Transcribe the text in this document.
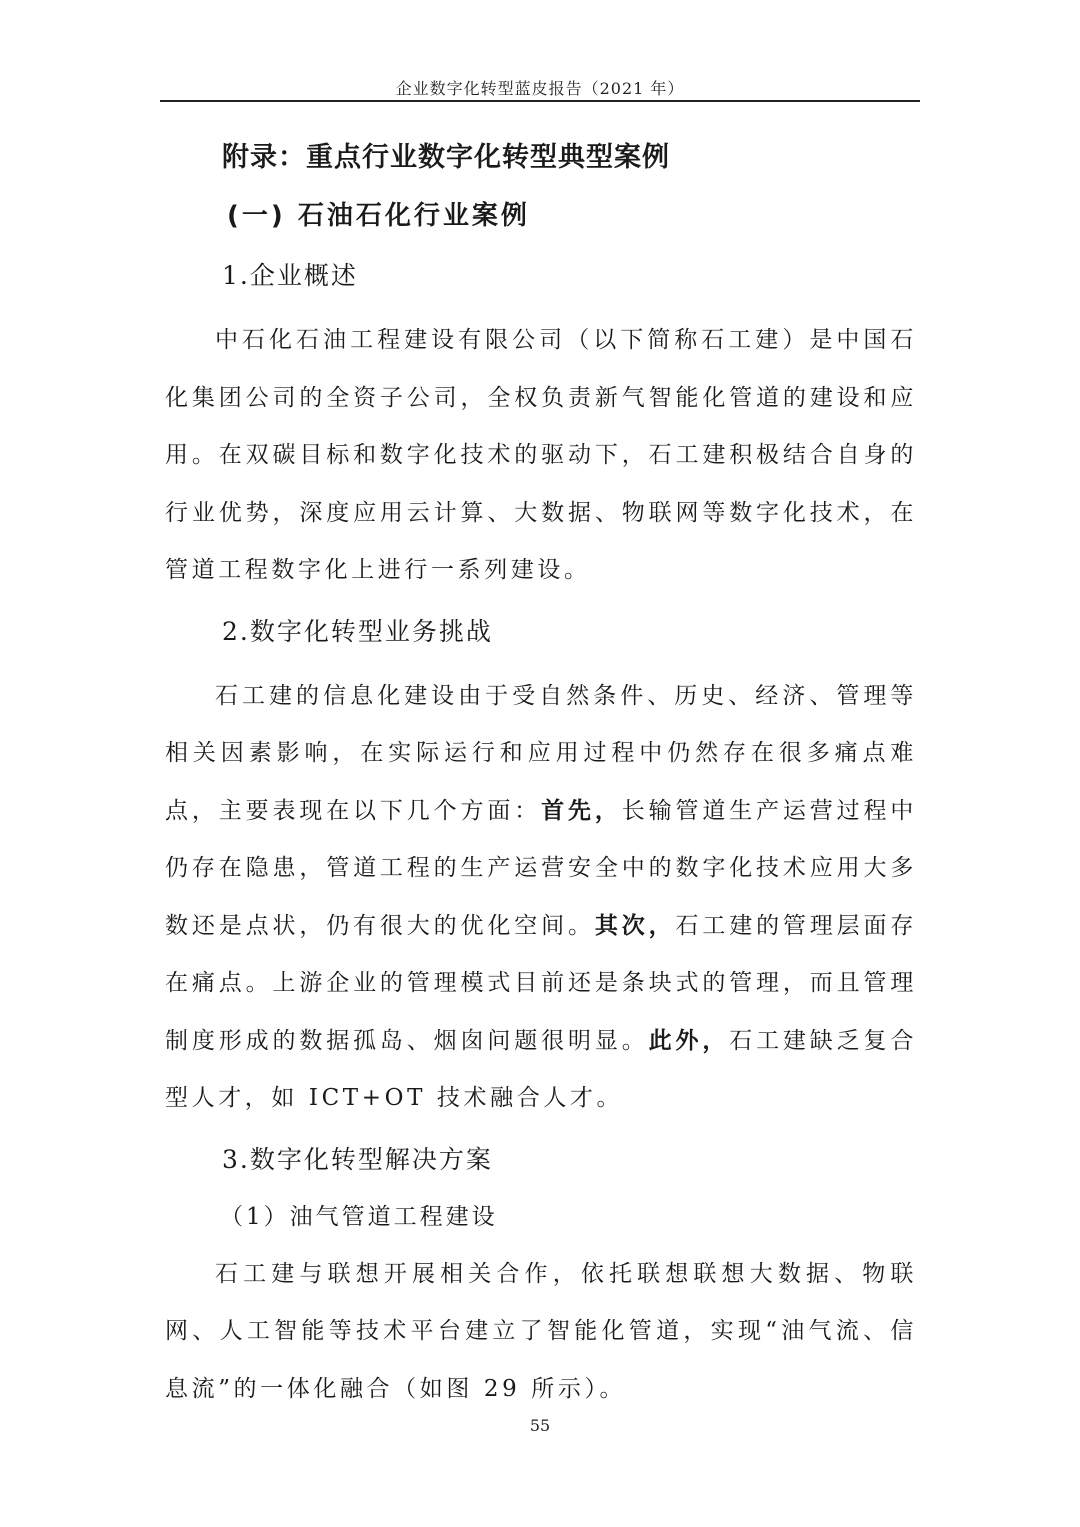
企业数字化转型蓝皮报告（2021 年）
附录：重点行业数字化转型典型案例
(一) 石油石化行业案例
1.企业概述

中石化石油工程建设有限公司（以下简称石工建）是中国石化集团公司的全资子公司，全权负责新气智能化管道的建设和应用。在双碳目标和数字化技术的驱动下，石工建积极结合自身的行业优势，深度应用云计算、大数据、物联网等数字化技术，在管道工程数字化上进行一系列建设。

2.数字化转型业务挑战

石工建的信息化建设由于受自然条件、历史、经济、管理等相关因素影响，在实际运行和应用过程中仍然存在很多痛点难点，主要表现在以下几个方面：首先，长输管道生产运营过程中仍存在隐患，管道工程的生产运营安全中的数字化技术应用大多数还是点状，仍有很大的优化空间。其次，石工建的管理层面存在痛点。上游企业的管理模式目前还是条块式的管理，而且管理制度形成的数据孤岛、烟囱问题很明显。此外，石工建缺乏复合型人才，如 ICT+OT 技术融合人才。

3.数字化转型解决方案

（1）油气管道工程建设

石工建与联想开展相关合作，依托联想联想大数据、物联网、人工智能等技术平台建立了智能化管道，实现“油气流、信息流”的一体化融合（如图 29 所示）。

55
